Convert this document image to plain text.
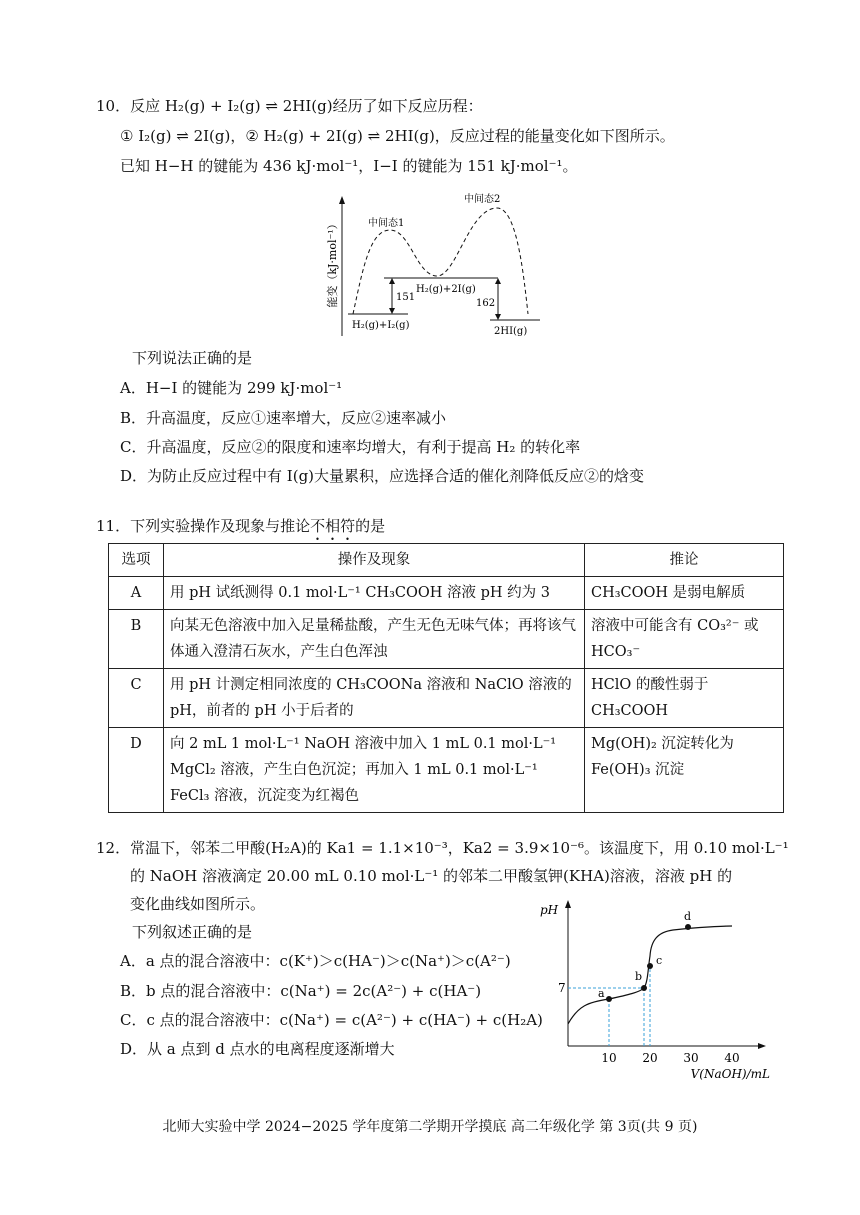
10．反应 H₂(g) + I₂(g) ⇌ 2HI(g)经历了如下反应历程：
① I₂(g) ⇌ 2I(g)，② H₂(g) + 2I(g) ⇌ 2HI(g)，反应过程的能量变化如下图所示。
已知 H−H 的键能为 436 kJ·mol⁻¹，I−I 的键能为 151 kJ·mol⁻¹。
能变（kJ·mol⁻¹）	中间态1
中间态2
H₂(g)+I₂(g)
H₂(g)+2I(g)
2HI(g)
151
162
下列说法正确的是
A．H−I 的键能为 299 kJ·mol⁻¹
B．升高温度，反应①速率增大，反应②速率减小
C．升高温度，反应②的限度和速率均增大，有利于提高 H₂ 的转化率
D．为防止反应过程中有 I(g)大量累积，应选择合适的催化剂降低反应②的焓变
11．下列实验操作及现象与推论不相符的是
选项	操作及现象	推论
A	用 pH 试纸测得 0.1 mol·L⁻¹ CH₃COOH 溶液 pH 约为 3	CH₃COOH 是弱电解质
B	向某无色溶液中加入足量稀盐酸，产生无色无味气体；再将该气体通入澄清石灰水，产生白色浑浊	溶液中可能含有 CO₃²⁻ 或 HCO₃⁻
C	用 pH 计测定相同浓度的 CH₃COONa 溶液和 NaClO 溶液的 pH，前者的 pH 小于后者的	HClO 的酸性弱于 CH₃COOH
D	向 2 mL 1 mol·L⁻¹ NaOH 溶液中加入 1 mL 0.1 mol·L⁻¹ MgCl₂ 溶液，产生白色沉淀；再加入 1 mL 0.1 mol·L⁻¹ FeCl₃ 溶液，沉淀变为红褐色	Mg(OH)₂ 沉淀转化为 Fe(OH)₃ 沉淀
12．常温下，邻苯二甲酸(H₂A)的 Ka1 = 1.1×10⁻³，Ka2 = 3.9×10⁻⁶。该温度下，用 0.10 mol·L⁻¹
的 NaOH 溶液滴定 20.00 mL 0.10 mol·L⁻¹ 的邻苯二甲酸氢钾(KHA)溶液，溶液 pH 的
变化曲线如图所示。
下列叙述正确的是
A．a 点的混合溶液中：c(K⁺)＞c(HA⁻)＞c(Na⁺)＞c(A²⁻)
B．b 点的混合溶液中：c(Na⁺) = 2c(A²⁻) + c(HA⁻)
C．c 点的混合溶液中：c(Na⁺) = c(A²⁻) + c(HA⁻) + c(H₂A)
D．从 a 点到 d 点水的电离程度逐渐增大
pH
7	a
b
c
d
10 20 30 40
V(NaOH)/mL
北师大实验中学 2024−2025 学年度第二学期开学摸底 高二年级化学 第 3页(共 9 页)
